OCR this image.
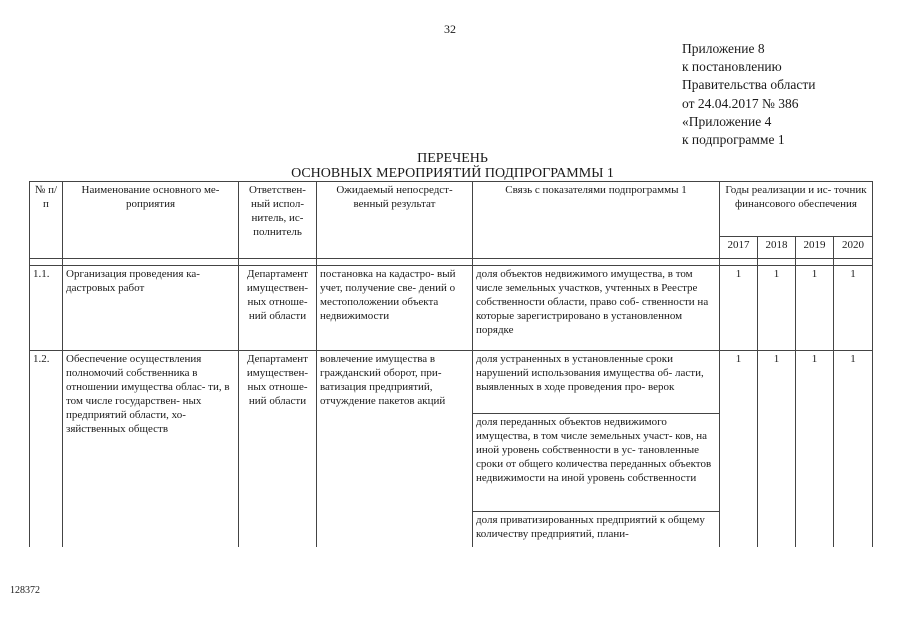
32
Приложение 8
к постановлению
Правительства области
от 24.04.2017 № 386
«Приложение 4
к подпрограмме 1
ПЕРЕЧЕНЬ
ОСНОВНЫХ МЕРОПРИЯТИЙ ПОДПРОГРАММЫ 1
№ п/п	Наименование основного ме- роприятия	Ответствен- ный испол- нитель, ис- полнитель	Ожидаемый непосредст- венный результат	Связь с показателями подпрограммы 1	Годы реализации и ис- точник финансового обеспечения			
					2017	2018	2019	2020

1.1.	Организация проведения ка- дастровых работ	Департамент имуществен- ных отноше- ний области	постановка на кадастро- вый учет, получение све- дений о местоположении объекта недвижимости	доля объектов недвижимого имущества, в том числе земельных участков, учтенных в Реестре собственности области, право соб- ственности на которые зарегистрировано в установленном порядке	1	1	1	1
1.2.	Обеспечение осуществления полномочий собственника в отношении имущества облас- ти, в том числе государствен- ных предприятий области, хо- зяйственных обществ	Департамент имуществен- ных отноше- ний области	вовлечение имущества в гражданский оборот, при- ватизация предприятий, отчуждение пакетов акций	доля устраненных в установленные сроки нарушений использования имущества об- ласти, выявленных в ходе проведения про- верок	1	1	1	1
				доля переданных объектов недвижимого имущества, в том числе земельных участ- ков, на иной уровень собственности в ус- тановленные сроки от общего количества переданных объектов недвижимости на иной уровень собственности				
				доля приватизированных предприятий к общему количеству предприятий, плани-				
128372
